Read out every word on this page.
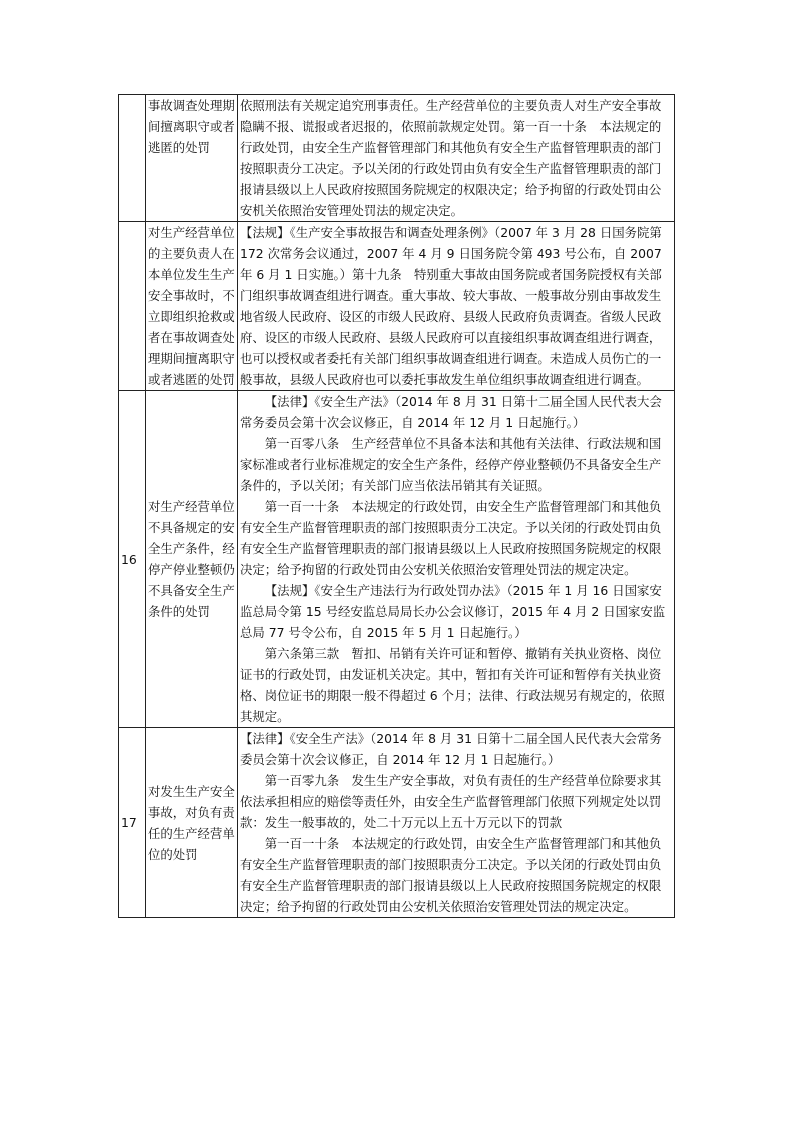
	事故调查处理期间擅离职守或者逃匿的处罚	依照刑法有关规定追究刑事责任。生产经营单位的主要负责人对生产安全事故隐瞒不报、谎报或者迟报的，依照前款规定处罚。第一百一十条　本法规定的行政处罚，由安全生产监督管理部门和其他负有安全生产监督管理职责的部门按照职责分工决定。予以关闭的行政处罚由负有安全生产监督管理职责的部门报请县级以上人民政府按照国务院规定的权限决定；给予拘留的行政处罚由公安机关依照治安管理处罚法的规定决定。

	对生产经营单位的主要负责人在本单位发生生产安全事故时，不立即组织抢救或者在事故调查处理期间擅离职守或者逃匿的处罚	【法规】《生产安全事故报告和调查处理条例》（2007 年 3 月 28 日国务院第 172 次常务会议通过，2007 年 4 月 9 日国务院令第 493 号公布，自 2007 年 6 月 1 日实施。）第十九条　特别重大事故由国务院或者国务院授权有关部门组织事故调查组进行调查。重大事故、较大事故、一般事故分别由事故发生地省级人民政府、设区的市级人民政府、县级人民政府负责调查。省级人民政府、设区的市级人民政府、县级人民政府可以直接组织事故调查组进行调查，也可以授权或者委托有关部门组织事故调查组进行调查。未造成人员伤亡的一般事故，县级人民政府也可以委托事故发生单位组织事故调查组进行调查。

16	对生产经营单位不具备规定的安全生产条件，经停产停业整顿仍不具备安全生产条件的处罚	【法律】《安全生产法》（2014 年 8 月 31 日第十二届全国人民代表大会常务委员会第十次会议修正，自 2014 年 12 月 1 日起施行。）

第一百零八条　生产经营单位不具备本法和其他有关法律、行政法规和国家标准或者行业标准规定的安全生产条件，经停产停业整顿仍不具备安全生产条件的，予以关闭；有关部门应当依法吊销其有关证照。

第一百一十条　本法规定的行政处罚，由安全生产监督管理部门和其他负有安全生产监督管理职责的部门按照职责分工决定。予以关闭的行政处罚由负有安全生产监督管理职责的部门报请县级以上人民政府按照国务院规定的权限决定；给予拘留的行政处罚由公安机关依照治安管理处罚法的规定决定。

【法规】《安全生产违法行为行政处罚办法》（2015 年 1 月 16 日国家安监总局令第 15 号经安监总局局长办公会议修订，2015 年 4 月 2 日国家安监总局 77 号令公布，自 2015 年 5 月 1 日起施行。）

第六条第三款　暂扣、吊销有关许可证和暂停、撤销有关执业资格、岗位证书的行政处罚，由发证机关决定。其中，暂扣有关许可证和暂停有关执业资格、岗位证书的期限一般不得超过 6 个月；法律、行政法规另有规定的，依照其规定。

17	对发生生产安全事故，对负有责任的生产经营单位的处罚	【法律】《安全生产法》（2014 年 8 月 31 日第十二届全国人民代表大会常务委员会第十次会议修正，自 2014 年 12 月 1 日起施行。）

第一百零九条　发生生产安全事故，对负有责任的生产经营单位除要求其依法承担相应的赔偿等责任外，由安全生产监督管理部门依照下列规定处以罚款：发生一般事故的，处二十万元以上五十万元以下的罚款

第一百一十条　本法规定的行政处罚，由安全生产监督管理部门和其他负有安全生产监督管理职责的部门按照职责分工决定。予以关闭的行政处罚由负有安全生产监督管理职责的部门报请县级以上人民政府按照国务院规定的权限决定；给予拘留的行政处罚由公安机关依照治安管理处罚法的规定决定。
